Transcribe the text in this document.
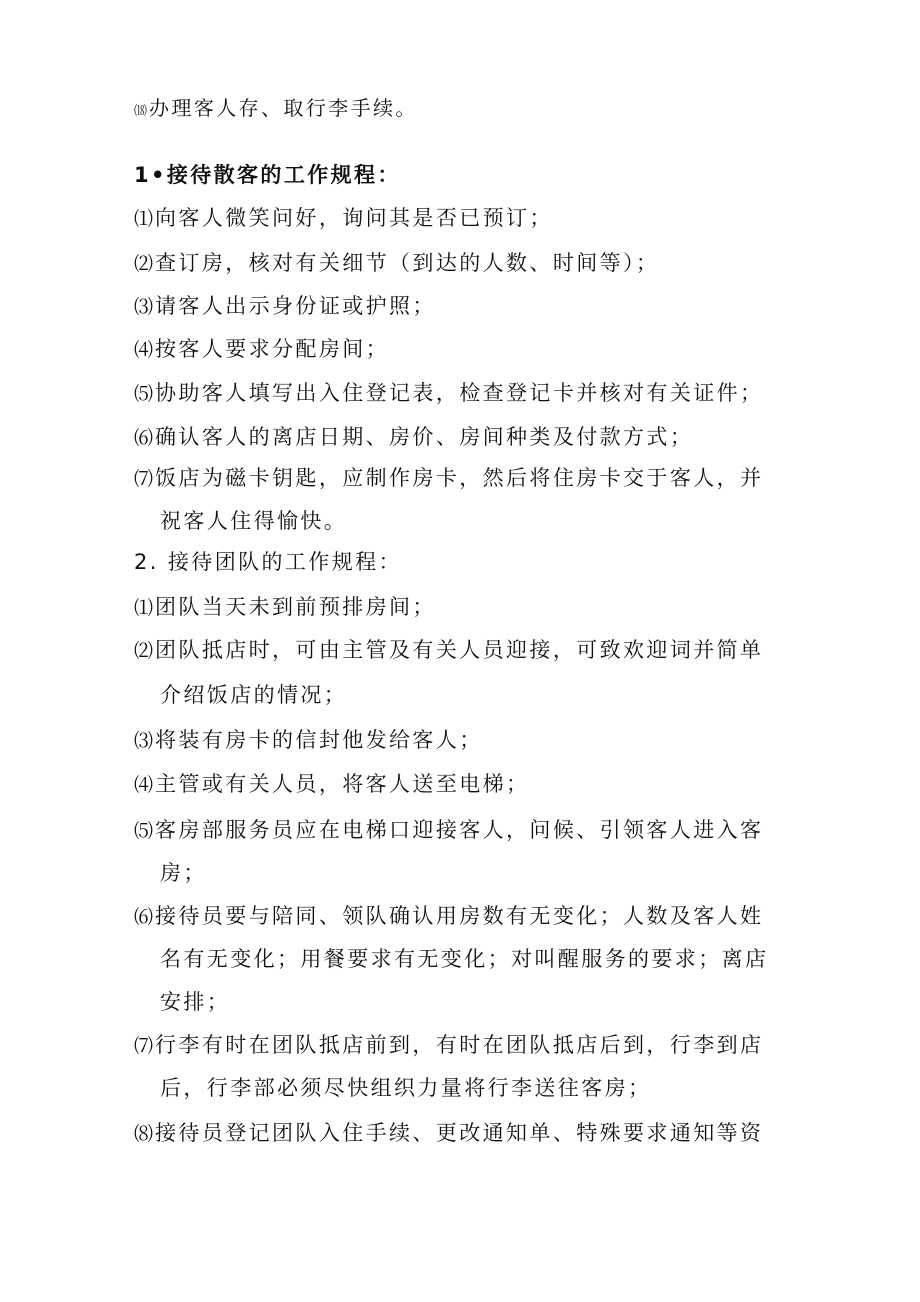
⒅ 办理客人存、取行李手续。
1•接待散客的工作规程：
⑴向客人微笑问好，询问其是否已预订；
⑵查订房，核对有关细节（到达的人数、时间等）；
⑶请客人出示身份证或护照；
⑷按客人要求分配房间；
⑸协助客人填写出入住登记表，检查登记卡并核对有关证件；
⑹确认客人的离店日期、房价、房间种类及付款方式；
⑺饭店为磁卡钥匙，应制作房卡，然后将住房卡交于客人，并
祝客人住得愉快。
2. 接待团队的工作规程：
⑴团队当天未到前预排房间；
⑵团队抵店时，可由主管及有关人员迎接，可致欢迎词并简单
介绍饭店的情况；
⑶将装有房卡的信封他发给客人；
⑷主管或有关人员，将客人送至电梯；
⑸客房部服务员应在电梯口迎接客人，问候、引领客人进入客
房；
⑹接待员要与陪同、领队确认用房数有无变化；人数及客人姓
名有无变化；用餐要求有无变化；对叫醒服务的要求；离店
安排；
⑺行李有时在团队抵店前到，有时在团队抵店后到，行李到店
后，行李部必须尽快组织力量将行李送往客房；
⑻接待员登记团队入住手续、更改通知单、特殊要求通知等资
